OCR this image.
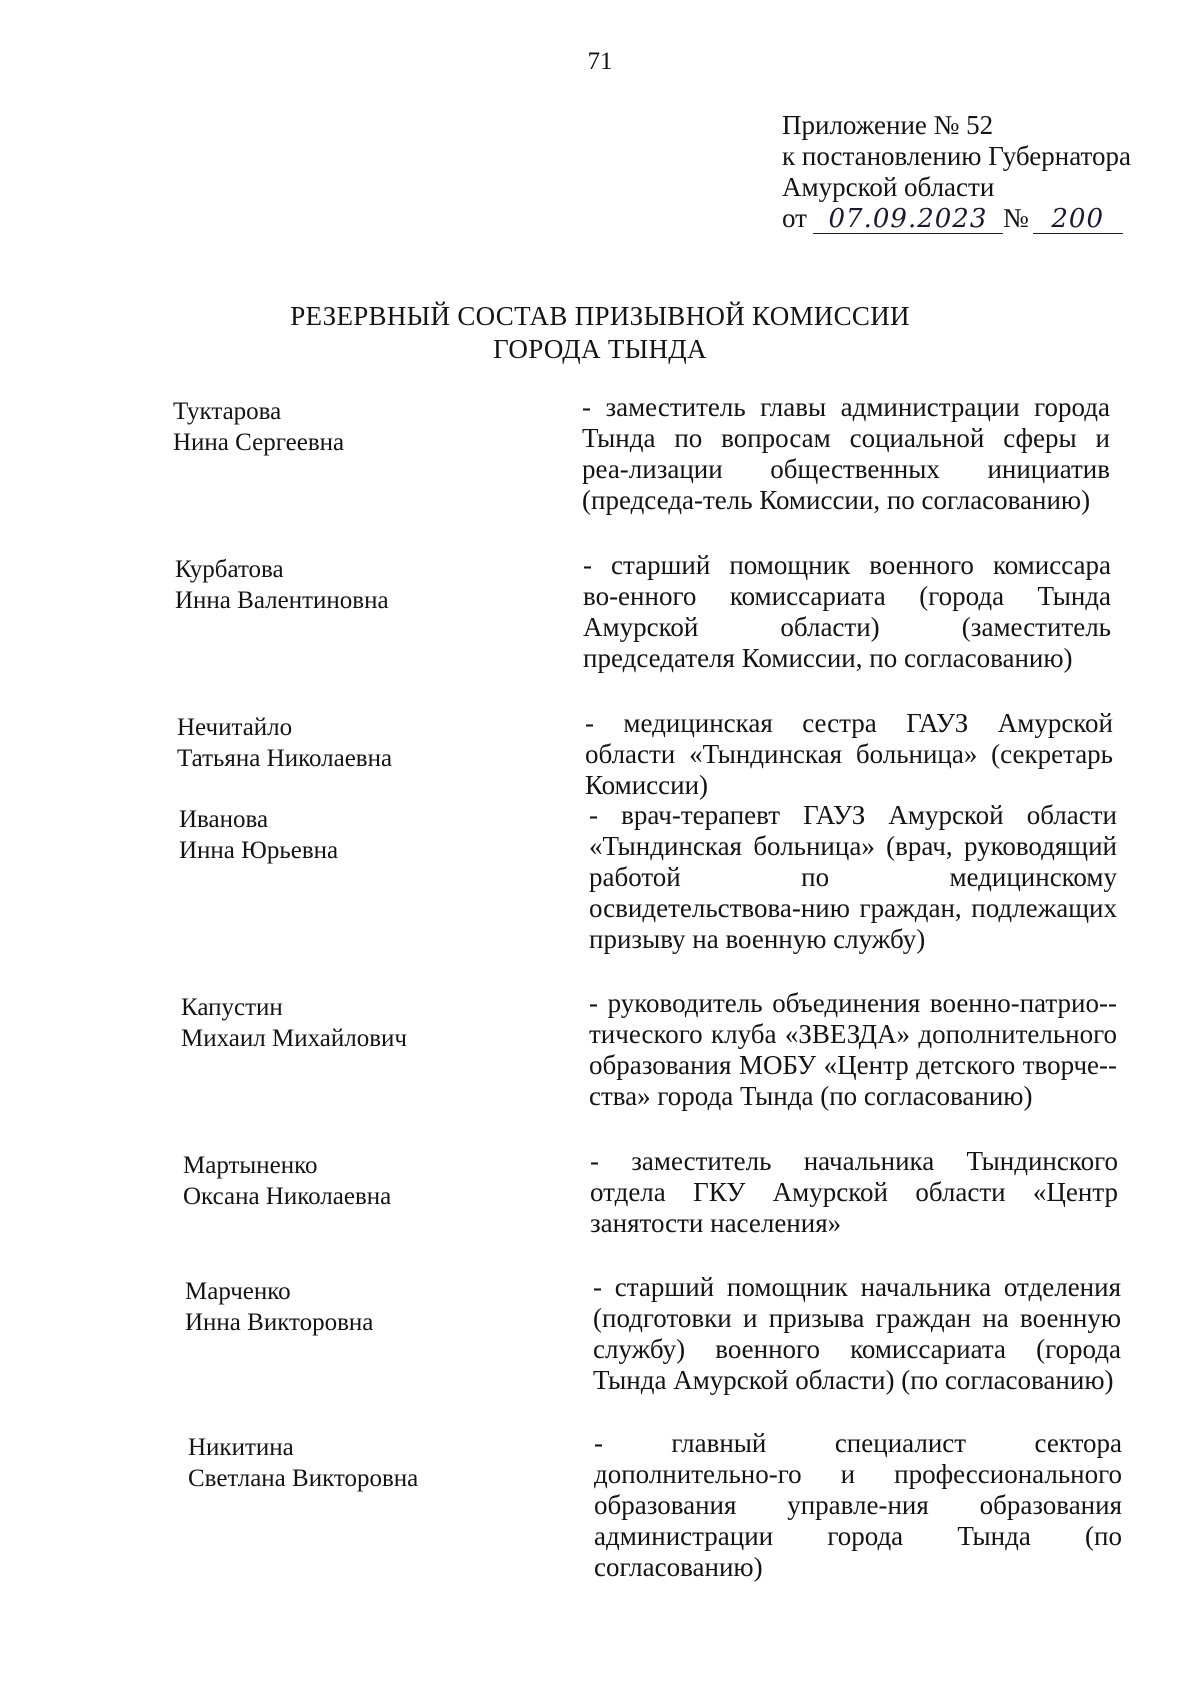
71
Приложение № 52
к постановлению Губернатора
Амурской области
от 07.09.2023 № 200
РЕЗЕРВНЫЙ СОСТАВ ПРИЗЫВНОЙ КОМИССИИ
ГОРОДА ТЫНДА
Туктарова
Нина Сергеевна
- заместитель главы администрации города Тында по вопросам социальной сферы и реа-лизации общественных инициатив (председа-тель Комиссии, по согласованию)
Курбатова
Инна Валентиновна
- старший помощник военного комиссара во-енного комиссариата (города Тында Амурской области) (заместитель председателя Комиссии, по согласованию)
Нечитайло
Татьяна Николаевна
- медицинская сестра ГАУЗ Амурской области «Тындинская больница» (секретарь Комиссии)
Иванова
Инна Юрьевна
- врач-терапевт ГАУЗ Амурской области «Тындинская больница» (врач, руководящий работой по медицинскому освидетельствова-нию граждан, подлежащих призыву на военную службу)
Капустин
Михаил Михайлович
- руководитель объединения военно-патрио-тического клуба «ЗВЕЗДА» дополнительного образования МОБУ «Центр детского творче-ства» города Тында (по согласованию)
Мартыненко
Оксана Николаевна
- заместитель начальника Тындинского отдела ГКУ Амурской области «Центр занятости населения»
Марченко
Инна Викторовна
- старший помощник начальника отделения (подготовки и призыва граждан на военную службу) военного комиссариата (города Тында Амурской области) (по согласованию)
Никитина
Светлана Викторовна
- главный специалист сектора дополнительно-го и профессионального образования управле-ния образования администрации города Тында (по согласованию)
